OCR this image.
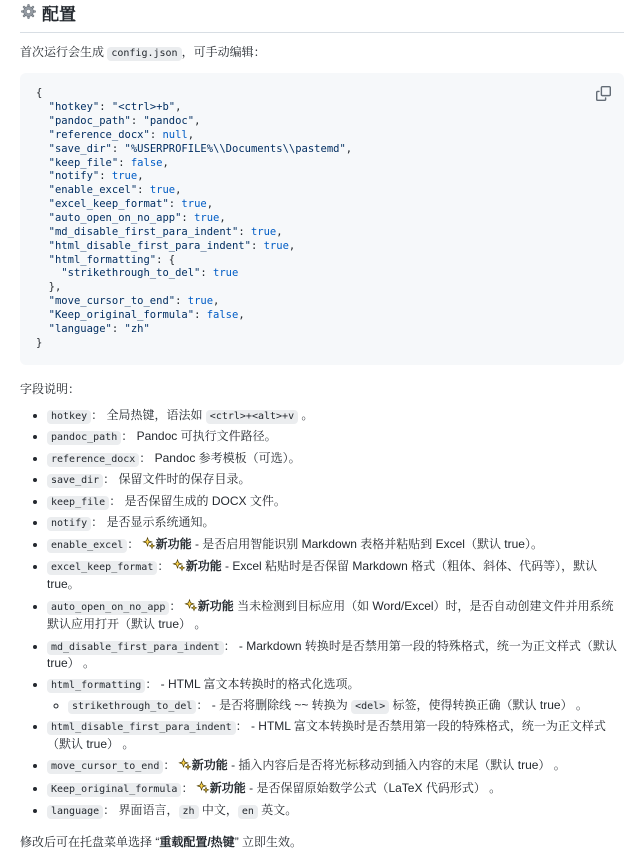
配置

首次运行会生成 config.json ，可手动编辑：

{
"hotkey": "<ctrl>+b",
"pandoc_path": "pandoc",
"reference_docx": null,
"save_dir": "%USERPROFILE%\\Documents\\pastemd",
"keep_file": false,
"notify": true,
"enable_excel": true,
"excel_keep_format": true,
"auto_open_on_no_app": true,
"md_disable_first_para_indent": true,
"html_disable_first_para_indent": true,
"html_formatting": {
"strikethrough_to_del": true
},
"move_cursor_to_end": true,
"Keep_original_formula": false,
"language": "zh"
}

字段说明：

• hotkey ： 全局热键，语法如 <ctrl>+<alt>+v 。
• pandoc_path ： Pandoc 可执行文件路径。
• reference_docx ： Pandoc 参考模板（可选）。
• save_dir ： 保留文件时的保存目录。
• keep_file ： 是否保留生成的 DOCX 文件。
• notify ： 是否显示系统通知。
• enable_excel ： 新功能 - 是否启用智能识别 Markdown 表格并粘贴到 Excel（默认 true）。
• excel_keep_format ： 新功能 - Excel 粘贴时是否保留 Markdown 格式（粗体、斜体、代码等），默认 true。
• auto_open_on_no_app ： 新功能 当未检测到目标应用（如 Word/Excel）时，是否自动创建文件并用系统默认应用打开（默认 true） 。
• md_disable_first_para_indent ： - Markdown 转换时是否禁用第一段的特殊格式，统一为正文样式（默认 true） 。
• html_formatting ： - HTML 富文本转换时的格式化选项。
◦ strikethrough_to_del ： - 是否将删除线 ~~ 转换为 <del> 标签，使得转换正确（默认 true） 。
• html_disable_first_para_indent ： - HTML 富文本转换时是否禁用第一段的特殊格式，统一为正文样式（默认 true） 。
• move_cursor_to_end ： 新功能 - 插入内容后是否将光标移动到插入内容的末尾（默认 true） 。
• Keep_original_formula ： 新功能 - 是否保留原始数学公式（LaTeX 代码形式） 。
• language ： 界面语言， zh 中文， en 英文。

修改后可在托盘菜单选择 “重载配置/热键” 立即生效。
